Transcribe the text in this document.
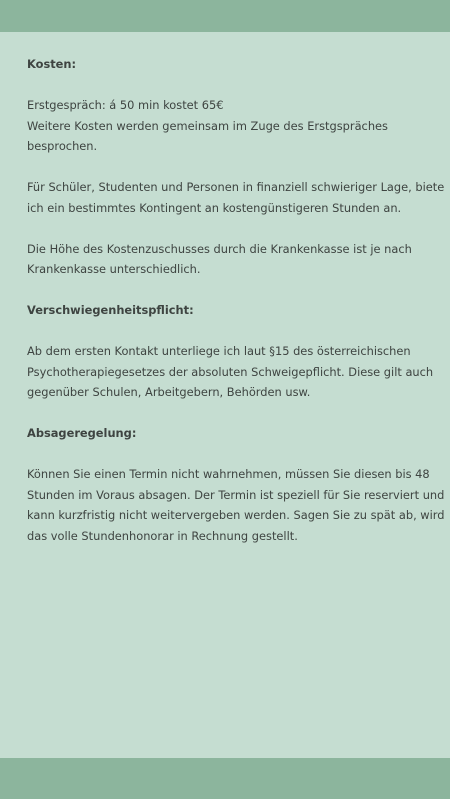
Kosten:

Erstgespräch: á 50 min kostet 65€

Weitere Kosten werden gemeinsam im Zuge des Erstgspräches besprochen.

Für Schüler, Studenten und Personen in finanziell schwieriger Lage, biete ich ein bestimmtes Kontingent an kostengünstigeren Stunden an.

Die Höhe des Kostenzuschusses durch die Krankenkasse ist je nach Krankenkasse unterschiedlich.

Verschwiegenheitspflicht:

Ab dem ersten Kontakt unterliege ich laut §15 des österreichischen Psychotherapiegesetzes der absoluten Schweigepflicht. Diese gilt auch gegenüber Schulen, Arbeitgebern, Behörden usw.

Absageregelung:

Können Sie einen Termin nicht wahrnehmen, müssen Sie diesen bis 48 Stunden im Voraus absagen. Der Termin ist speziell für Sie reserviert und kann kurzfristig nicht weitervergeben werden. Sagen Sie zu spät ab, wird das volle Stundenhonorar in Rechnung gestellt.
